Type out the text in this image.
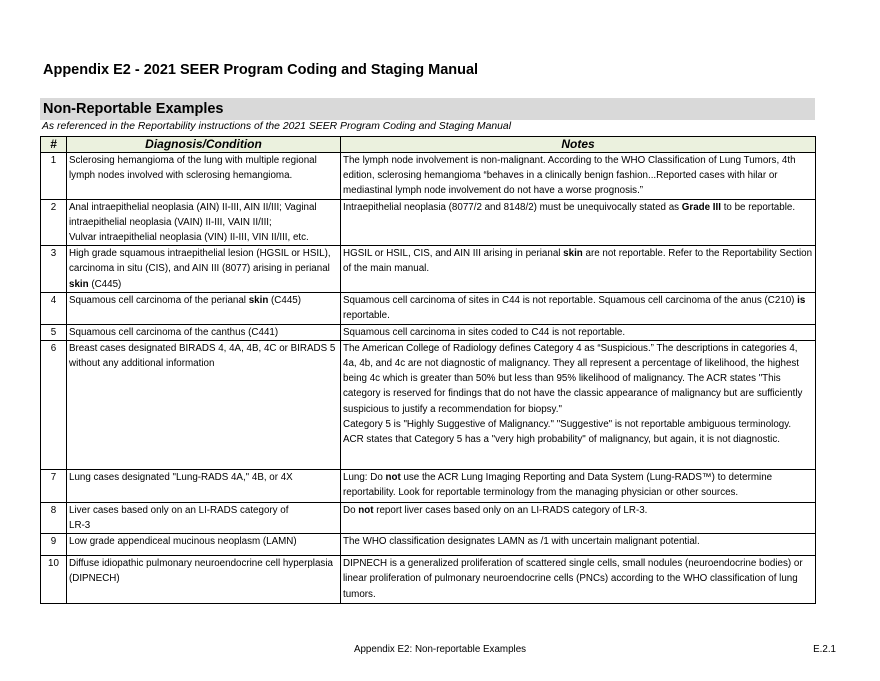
Appendix E2 - 2021 SEER Program Coding and Staging Manual
Non-Reportable Examples
As referenced in the Reportability instructions of the 2021 SEER Program Coding and Staging Manual
#	Diagnosis/Condition	Notes
1	Sclerosing hemangioma of the lung with multiple regional lymph nodes involved with sclerosing hemangioma.	The lymph node involvement is non-malignant. According to the WHO Classification of Lung Tumors, 4th edition, sclerosing hemangioma “behaves in a clinically benign fashion...Reported cases with hilar or mediastinal lymph node involvement do not have a worse prognosis.”
2	Anal intraepithelial neoplasia (AIN) II-III, AIN II/III; Vaginal intraepithelial neoplasia (VAIN) II-III, VAIN II/III;
Vulvar intraepithelial neoplasia (VIN) II-III, VIN II/III, etc.	Intraepithelial neoplasia (8077/2 and 8148/2) must be unequivocally stated as Grade III to be reportable.
3	High grade squamous intraepithelial lesion (HGSIL or HSIL), carcinoma in situ (CIS), and AIN III (8077) arising in perianal skin (C445)	HGSIL or HSIL, CIS, and AIN III arising in perianal skin are not reportable. Refer to the Reportability Section of the main manual.
4	Squamous cell carcinoma of the perianal skin (C445)	Squamous cell carcinoma of sites in C44 is not reportable. Squamous cell carcinoma of the anus (C210) is reportable.
5	Squamous cell carcinoma of the canthus (C441)	Squamous cell carcinoma in sites coded to C44 is not reportable.
6	Breast cases designated BIRADS 4, 4A, 4B, 4C or BIRADS 5 without any additional information	The American College of Radiology defines Category 4 as “Suspicious.” The descriptions in categories 4, 4a, 4b, and 4c are not diagnostic of malignancy. They all represent a percentage of likelihood, the highest being 4c which is greater than 50% but less than 95% likelihood of malignancy. The ACR states "This category is reserved for findings that do not have the classic appearance of malignancy but are sufficiently suspicious to justify a recommendation for biopsy."
Category 5 is "Highly Suggestive of Malignancy." "Suggestive" is not reportable ambiguous terminology. ACR states that Category 5 has a "very high probability" of malignancy, but again, it is not diagnostic.

7	Lung cases designated "Lung-RADS 4A," 4B, or 4X	Lung: Do not use the ACR Lung Imaging Reporting and Data System (Lung-RADS™) to determine reportability. Look for reportable terminology from the managing physician or other sources.
8	Liver cases based only on an LI-RADS category of
LR-3	Do not report liver cases based only on an LI-RADS category of LR-3.
9	Low grade appendiceal mucinous neoplasm (LAMN)	The WHO classification designates LAMN as /1 with uncertain malignant potential.
10	Diffuse idiopathic pulmonary neuroendocrine cell hyperplasia (DIPNECH)	DIPNECH is a generalized proliferation of scattered single cells, small nodules (neuroendocrine bodies) or linear proliferation of pulmonary neuroendocrine cells (PNCs) according to the WHO classification of lung tumors.
Appendix E2: Non-reportable Examples	E.2.1
